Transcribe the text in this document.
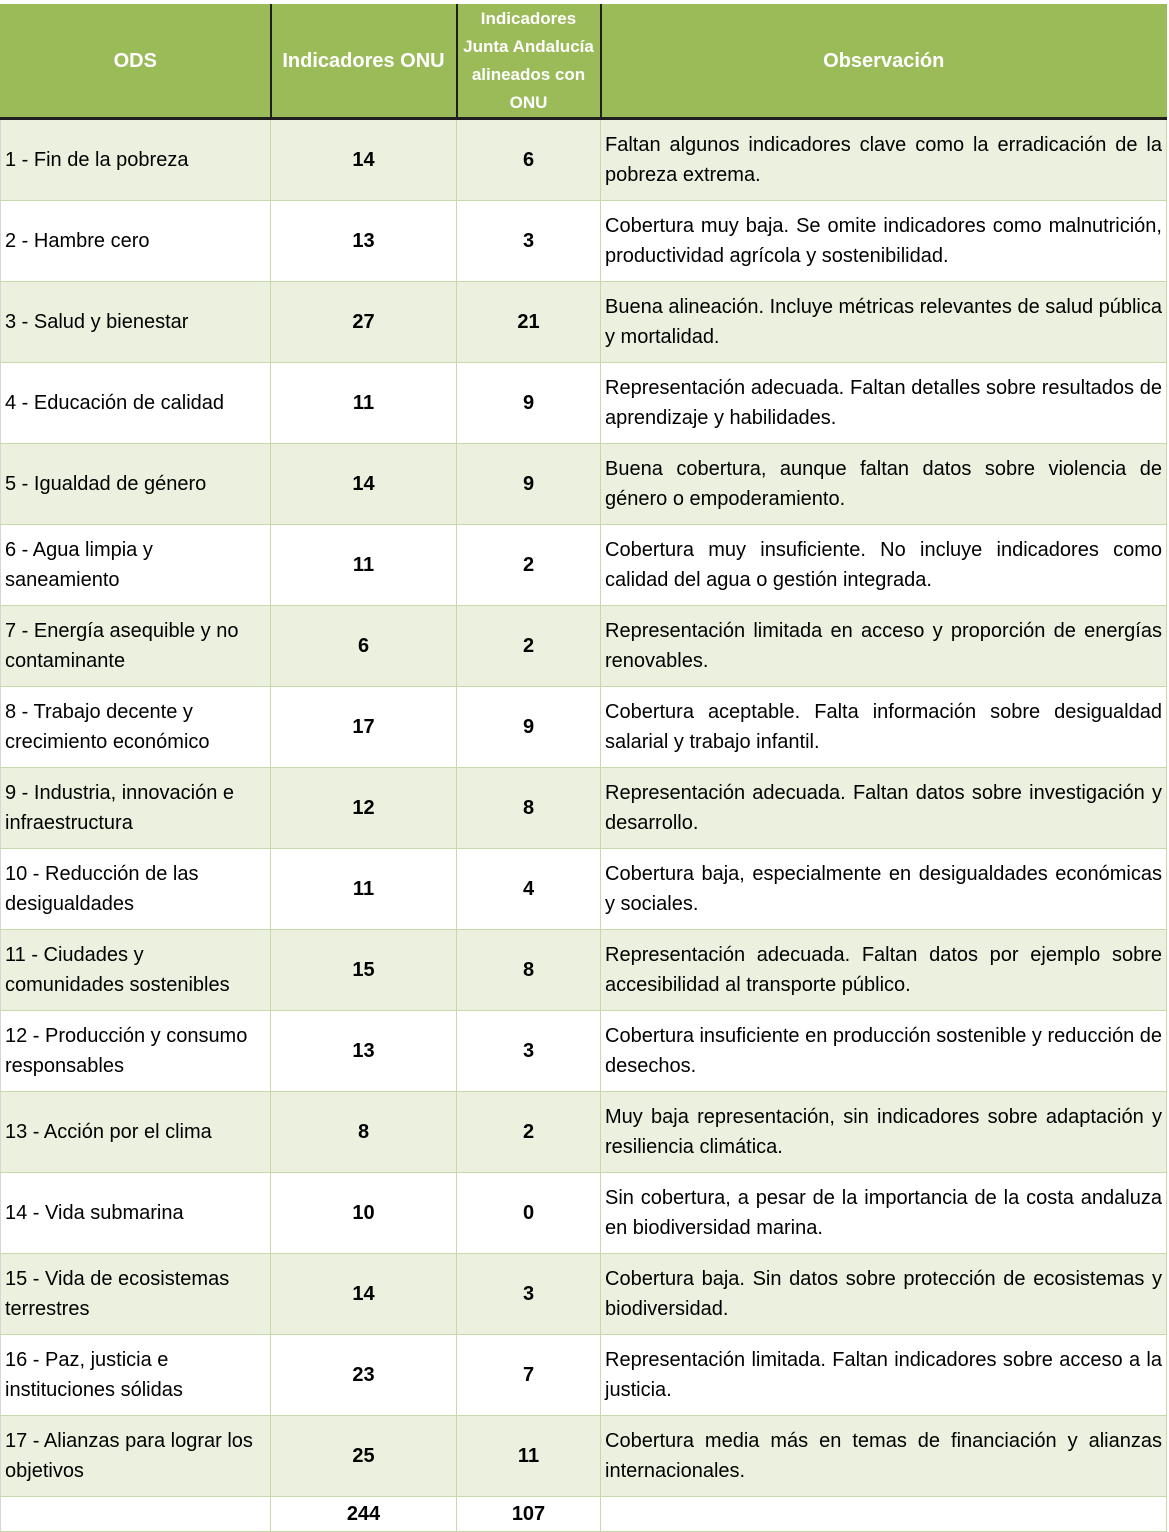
ODS	Indicadores ONU	Indicadores Junta Andalucía alineados con ONU	Observación
1 - Fin de la pobreza	14	6	Faltan algunos indicadores clave como la erradicación de la pobreza extrema.
2 - Hambre cero	13	3	Cobertura muy baja. Se omite indicadores como malnutrición, productividad agrícola y sostenibilidad.
3 - Salud y bienestar	27	21	Buena alineación. Incluye métricas relevantes de salud pública y mortalidad.
4 - Educación de calidad	11	9	Representación adecuada. Faltan detalles sobre resultados de aprendizaje y habilidades.
5 - Igualdad de género	14	9	Buena cobertura, aunque faltan datos sobre violencia de género o empoderamiento.
6 - Agua limpia y saneamiento	11	2	Cobertura muy insuficiente. No incluye indicadores como calidad del agua o gestión integrada.
7 - Energía asequible y no contaminante	6	2	Representación limitada en acceso y proporción de energías renovables.
8 - Trabajo decente y crecimiento económico	17	9	Cobertura aceptable. Falta información sobre desigualdad salarial y trabajo infantil.
9 - Industria, innovación e infraestructura	12	8	Representación adecuada. Faltan datos sobre investigación y desarrollo.
10 - Reducción de las desigualdades	11	4	Cobertura baja, especialmente en desigualdades económicas y sociales.
11 - Ciudades y comunidades sostenibles	15	8	Representación adecuada. Faltan datos por ejemplo sobre accesibilidad al transporte público.
12 - Producción y consumo responsables	13	3	Cobertura insuficiente en producción sostenible y reducción de desechos.
13 - Acción por el clima	8	2	Muy baja representación, sin indicadores sobre adaptación y resiliencia climática.
14 - Vida submarina	10	0	Sin cobertura, a pesar de la importancia de la costa andaluza en biodiversidad marina.
15 - Vida de ecosistemas terrestres	14	3	Cobertura baja. Sin datos sobre protección de ecosistemas y biodiversidad.
16 - Paz, justicia e instituciones sólidas	23	7	Representación limitada. Faltan indicadores sobre acceso a la justicia.
17 - Alianzas para lograr los objetivos	25	11	Cobertura media más en temas de financiación y alianzas internacionales.
	244	107	
